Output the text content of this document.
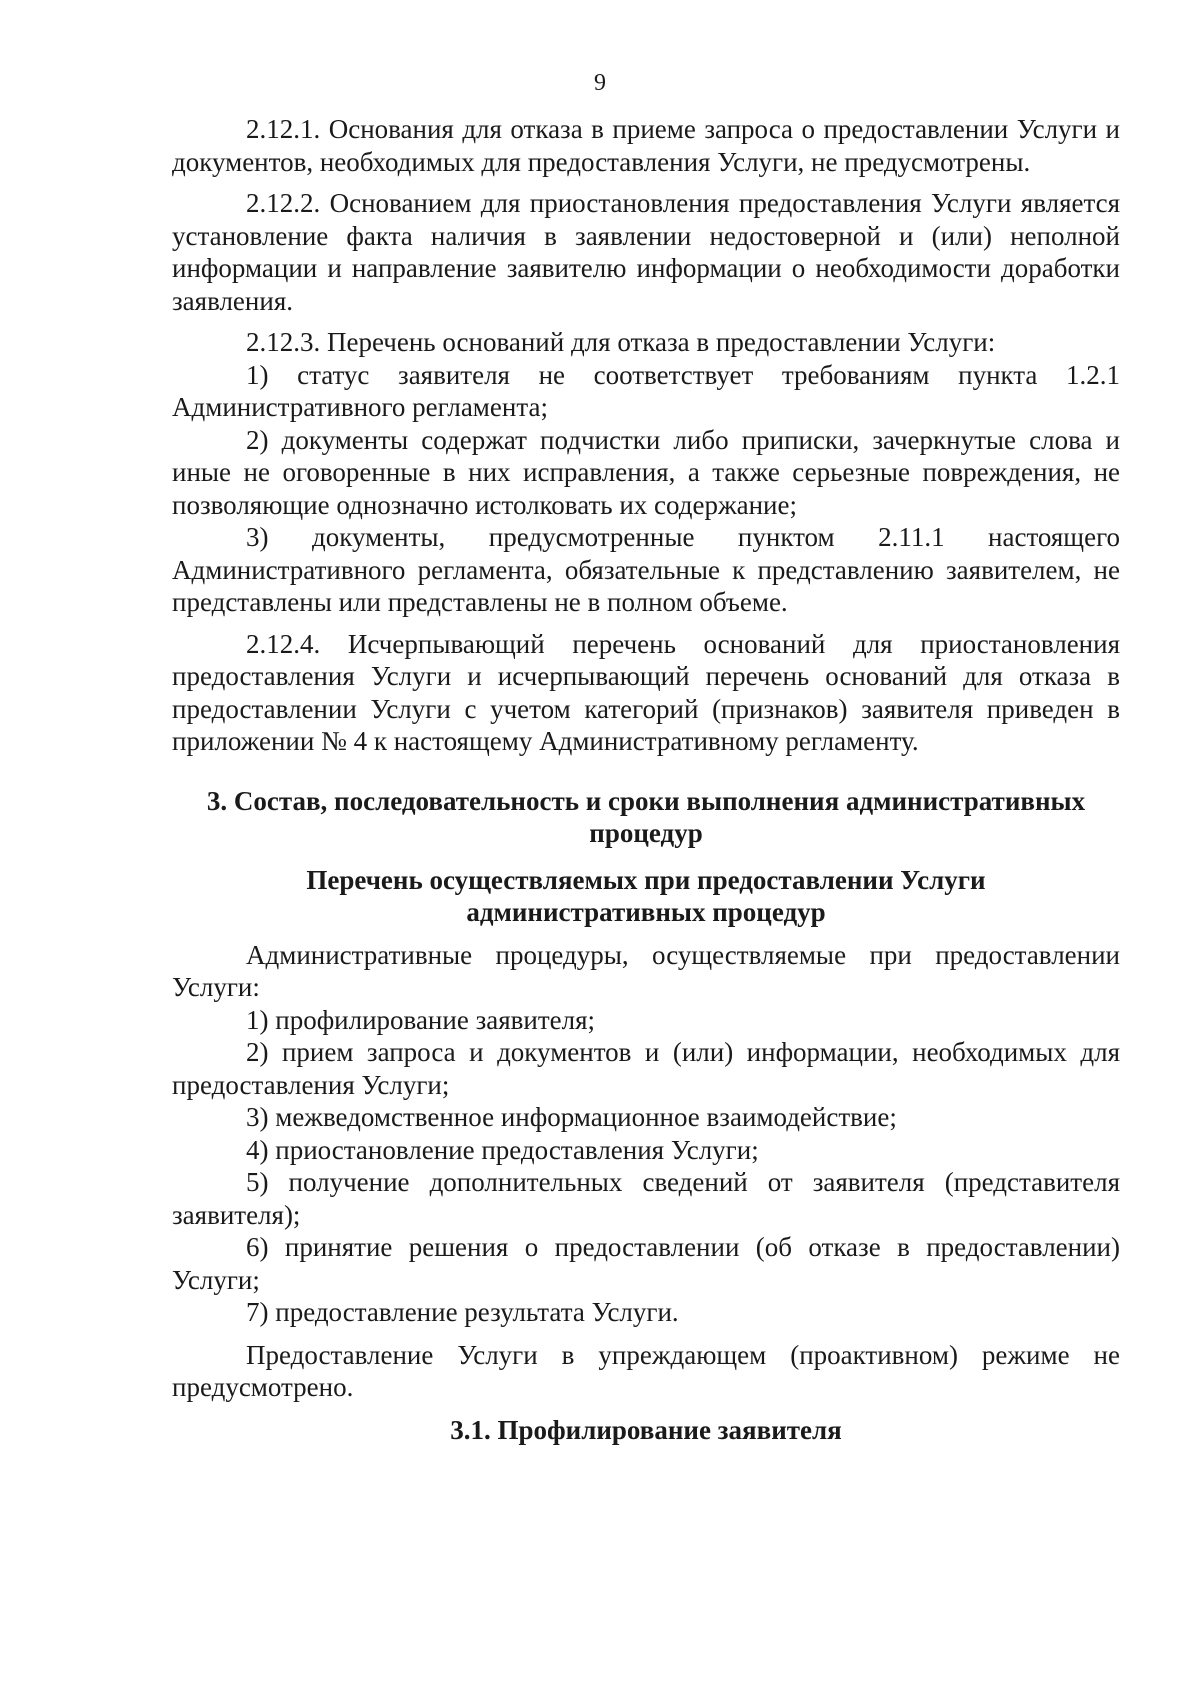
9

2.12.1. Основания для отказа в приеме запроса о предоставлении Услуги и документов, необходимых для предоставления Услуги, не предусмотрены.

2.12.2. Основанием для приостановления предоставления Услуги является установление факта наличия в заявлении недостоверной и (или) неполной информации и направление заявителю информации о необходимости доработки заявления.

2.12.3. Перечень оснований для отказа в предоставлении Услуги:

1) статус заявителя не соответствует требованиям пункта 1.2.1 Административного регламента;

2) документы содержат подчистки либо приписки, зачеркнутые слова и иные не оговоренные в них исправления, а также серьезные повреждения, не позволяющие однозначно истолковать их содержание;

3) документы, предусмотренные пунктом 2.11.1 настоящего Административного регламента, обязательные к представлению заявителем, не представлены или представлены не в полном объеме.

2.12.4. Исчерпывающий перечень оснований для приостановления предоставления Услуги и исчерпывающий перечень оснований для отказа в предоставлении Услуги с учетом категорий (признаков) заявителя приведен в приложении № 4 к настоящему Административному регламенту.

3. Состав, последовательность и сроки выполнения административных процедур
Перечень осуществляемых при предоставлении Услуги административных процедур

Административные процедуры, осуществляемые при предоставлении Услуги:

1) профилирование заявителя;

2) прием запроса и документов и (или) информации, необходимых для предоставления Услуги;

3) межведомственное информационное взаимодействие;

4) приостановление предоставления Услуги;

5) получение дополнительных сведений от заявителя (представителя заявителя);

6) принятие решения о предоставлении (об отказе в предоставлении) Услуги;

7) предоставление результата Услуги.

Предоставление Услуги в упреждающем (проактивном) режиме не предусмотрено.

3.1. Профилирование заявителя
